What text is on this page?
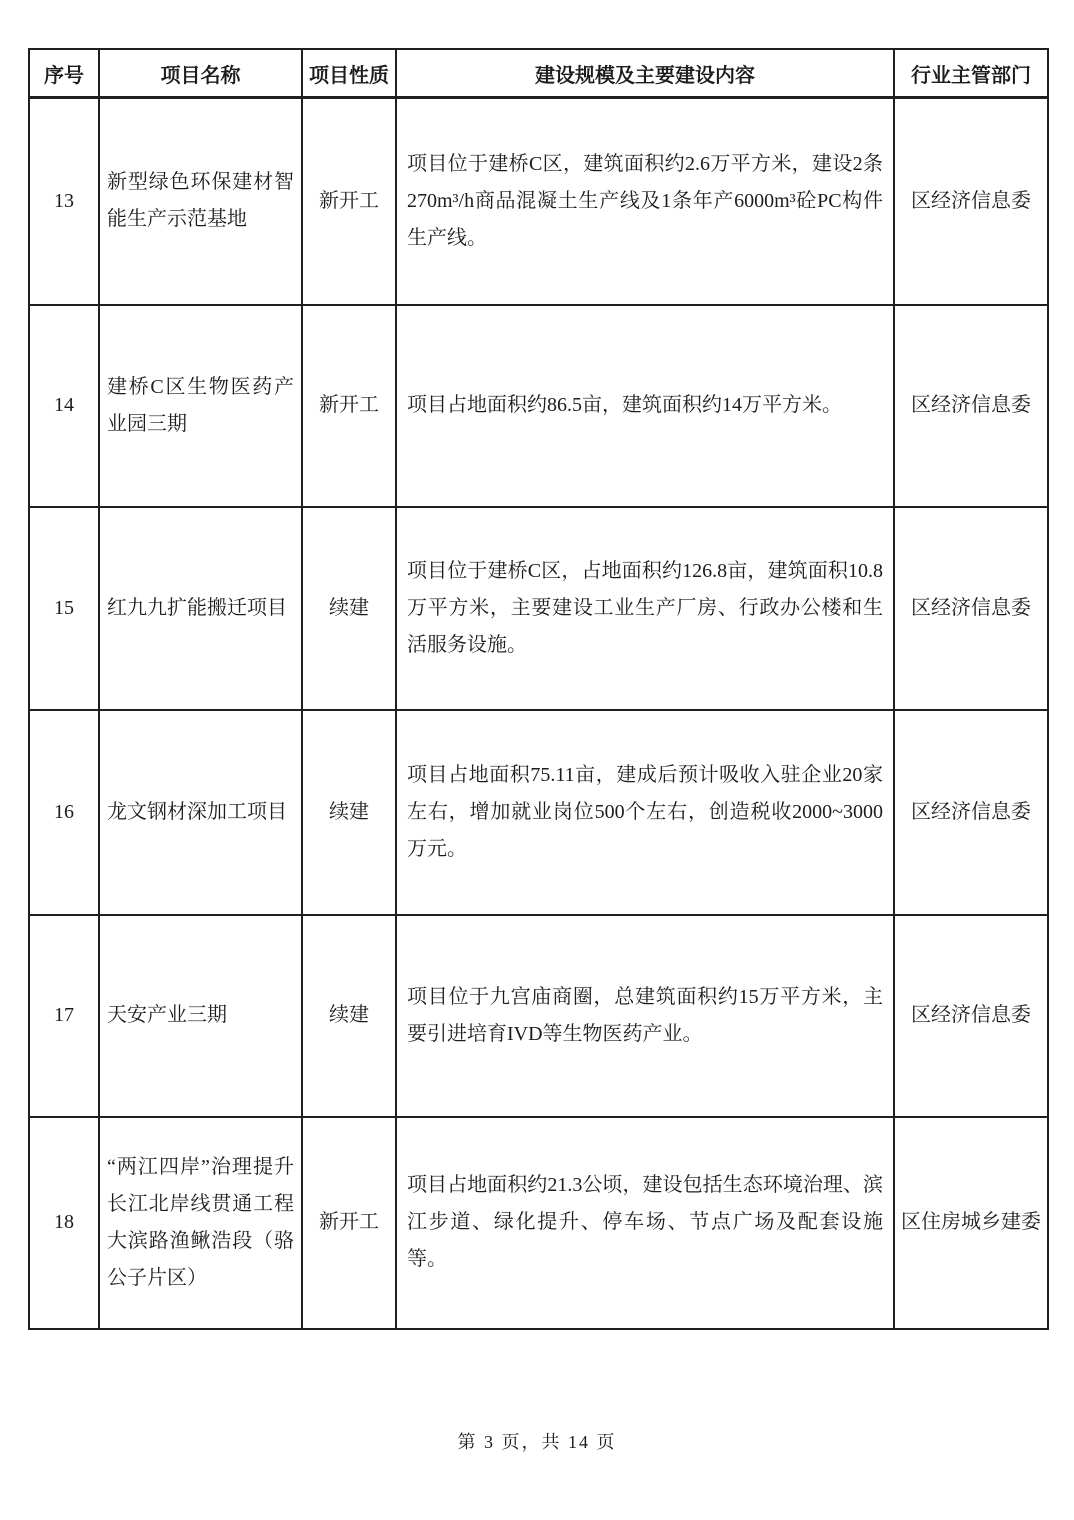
序号	项目名称	项目性质	建设规模及主要建设内容	行业主管部门
13	新型绿色环保建材智能生产示范基地	新开工	项目位于建桥C区，建筑面积约2.6万平方米，建设2条270m³/h商品混凝土生产线及1条年产6000m³砼PC构件生产线。	区经济信息委
14	建桥C区生物医药产业园三期	新开工	项目占地面积约86.5亩，建筑面积约14万平方米。	区经济信息委
15	红九九扩能搬迁项目	续建	项目位于建桥C区，占地面积约126.8亩，建筑面积10.8万平方米，主要建设工业生产厂房、行政办公楼和生活服务设施。	区经济信息委
16	龙文钢材深加工项目	续建	项目占地面积75.11亩，建成后预计吸收入驻企业20家左右，增加就业岗位500个左右，创造税收2000~3000万元。	区经济信息委
17	天安产业三期	续建	项目位于九宫庙商圈，总建筑面积约15万平方米，主要引进培育IVD等生物医药产业。	区经济信息委
18	“两江四岸”治理提升长江北岸线贯通工程大滨路渔鳅浩段（骆公子片区）	新开工	项目占地面积约21.3公顷，建设包括生态环境治理、滨江步道、绿化提升、停车场、节点广场及配套设施等。	区住房城乡建委
第 3 页，共 14 页
